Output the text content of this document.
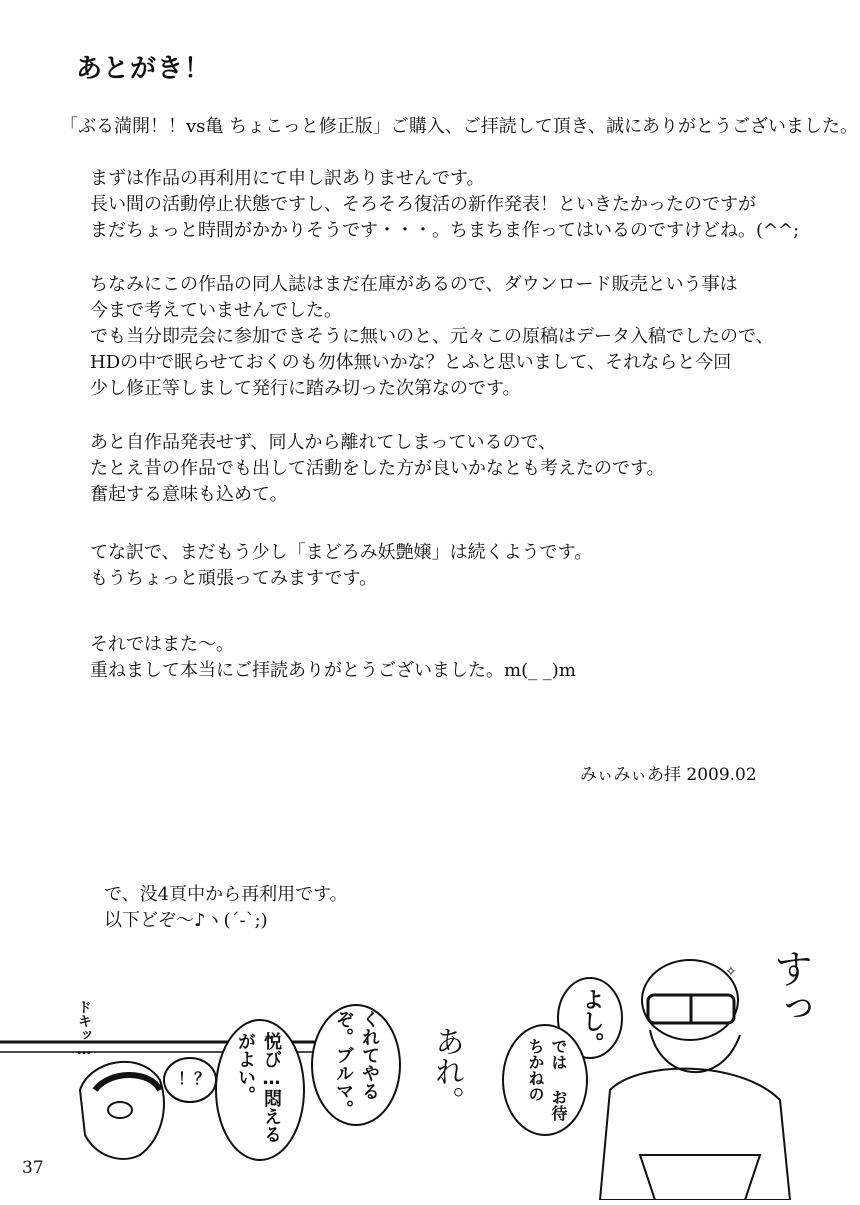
あとがき！
「ぶる満開！！vs亀 ちょこっと修正版」ご購入、ご拝読して頂き、誠にありがとうございました。
まずは作品の再利用にて申し訳ありませんです。
長い間の活動停止状態ですし、そろそろ復活の新作発表！といきたかったのですが
まだちょっと時間がかかりそうです・・・。ちまちま作ってはいるのですけどね。(^^;
ちなみにこの作品の同人誌はまだ在庫があるので、ダウンロード販売という事は
今まで考えていませんでした。
でも当分即売会に参加できそうに無いのと、元々この原稿はデータ入稿でしたので、
HDの中で眠らせておくのも勿体無いかな？とふと思いまして、それならと今回
少し修正等しまして発行に踏み切った次第なのです。
あと自作品発表せず、同人から離れてしまっているので、
たとえ昔の作品でも出して活動をした方が良いかなとも考えたのです。
奮起する意味も込めて。
てな訳で、まだもう少し「まどろみ妖艶嬢」は続くようです。
もうちょっと頑張ってみますです。
それではまた～。
重ねまして本当にご拝読ありがとうございました。m(_ _)m
みぃみぃあ拝 2009.02
で、没4頁中から再利用です。
以下どぞ～♪ヽ(´-`;)
✧
ドキッ…
！？	悦び…悶えるがよい。	くれてやるぞ。ブルマ。	あれ。
よし。
では お待ちかねの
すっ
37
